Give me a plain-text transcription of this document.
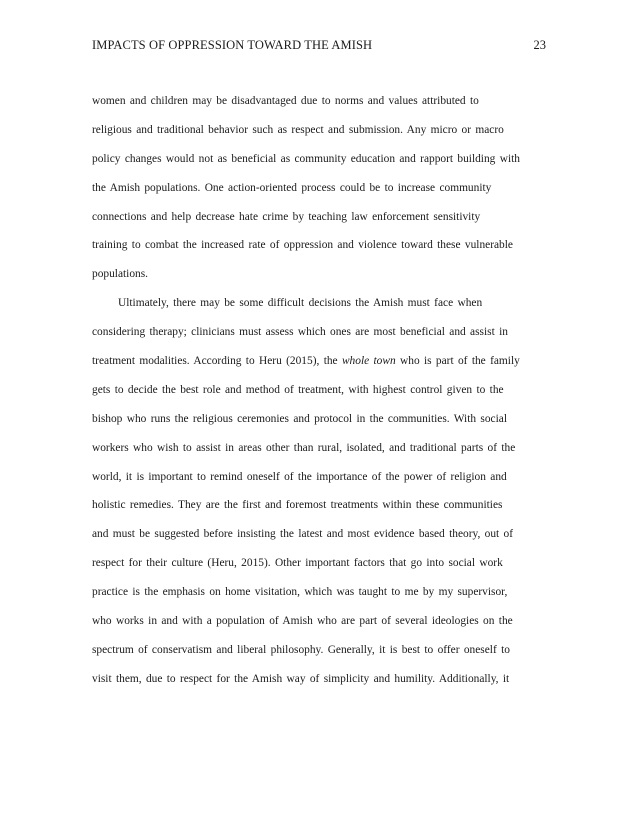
IMPACTS OF OPPRESSION TOWARD THE AMISH	23
women and children may be disadvantaged due to norms and values attributed to
religious and traditional behavior such as respect and submission. Any micro or macro
policy changes would not as beneficial as community education and rapport building with
the Amish populations. One action-oriented process could be to increase community
connections and help decrease hate crime by teaching law enforcement sensitivity
training to combat the increased rate of oppression and violence toward these vulnerable
populations.
Ultimately, there may be some difficult decisions the Amish must face when
considering therapy; clinicians must assess which ones are most beneficial and assist in
treatment modalities. According to Heru (2015), the whole town who is part of the family
gets to decide the best role and method of treatment, with highest control given to the
bishop who runs the religious ceremonies and protocol in the communities. With social
workers who wish to assist in areas other than rural, isolated, and traditional parts of the
world, it is important to remind oneself of the importance of the power of religion and
holistic remedies. They are the first and foremost treatments within these communities
and must be suggested before insisting the latest and most evidence based theory, out of
respect for their culture (Heru, 2015). Other important factors that go into social work
practice is the emphasis on home visitation, which was taught to me by my supervisor,
who works in and with a population of Amish who are part of several ideologies on the
spectrum of conservatism and liberal philosophy. Generally, it is best to offer oneself to
visit them, due to respect for the Amish way of simplicity and humility. Additionally, it
